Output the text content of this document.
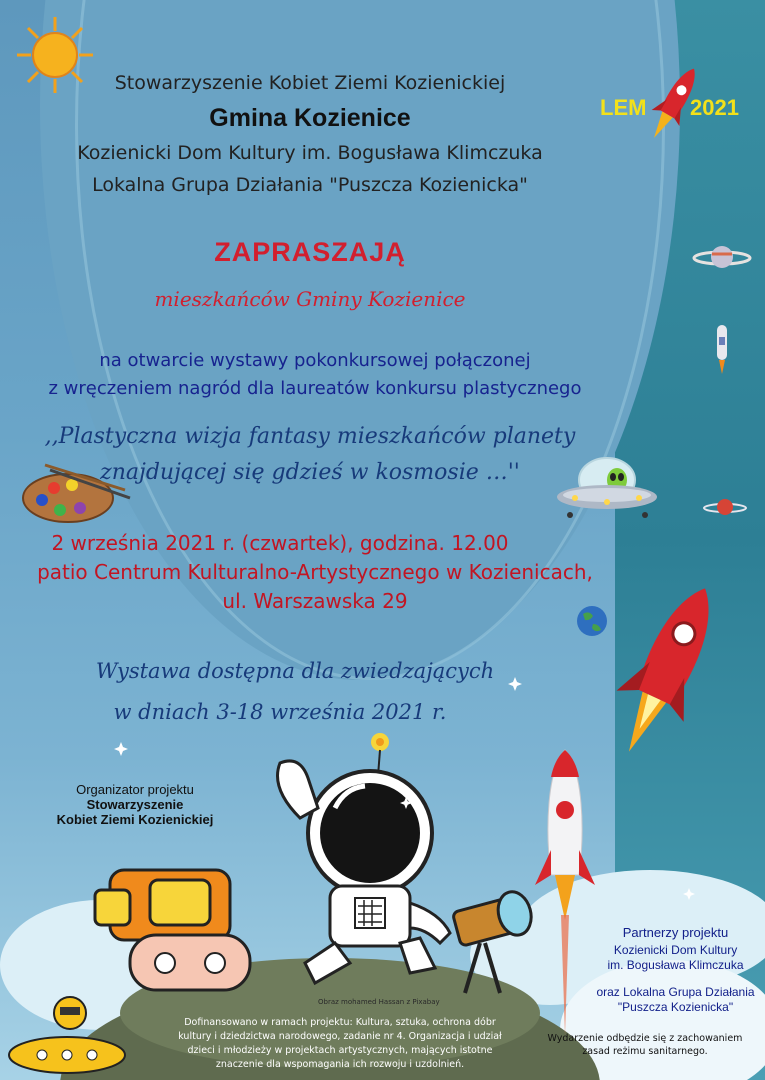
LEM 2021
Stowarzyszenie Kobiet Ziemi Kozienickiej
Gmina Kozienice
Kozienicki Dom Kultury im. Bogusława Klimczuka
Lokalna Grupa Działania "Puszcza Kozienicka"
ZAPRASZAJĄ
mieszkańców Gminy Kozienice
na otwarcie wystawy pokonkursowej połączonej
z wręczeniem nagród dla laureatów konkursu plastycznego
,,Plastyczna wizja fantasy mieszkańców planety
znajdującej się gdzieś w kosmosie …''
2 września 2021 r. (czwartek), godzina. 12.00
patio Centrum Kulturalno-Artystycznego w Kozienicach,
ul. Warszawska 29
Wystawa dostępna dla zwiedzających
w dniach 3-18 września 2021 r.
Organizator projektu
Stowarzyszenie
Kobiet Ziemi Kozienickiej
Partnerzy projektu
Kozienicki Dom Kultury
im. Bogusława Klimczuka
oraz Lokalna Grupa Działania
"Puszcza Kozienicka"
Obraz mohamed Hassan z Pixabay
Dofinansowano w ramach projektu: Kultura, sztuka, ochrona dóbr
kultury i dziedzictwa narodowego, zadanie nr 4. Organizacja i udział
dzieci i młodzieży w projektach artystycznych, mających istotne
znaczenie dla wspomagania ich rozwoju i uzdolnień.
Wydarzenie odbędzie się z zachowaniem
zasad reżimu sanitarnego.
